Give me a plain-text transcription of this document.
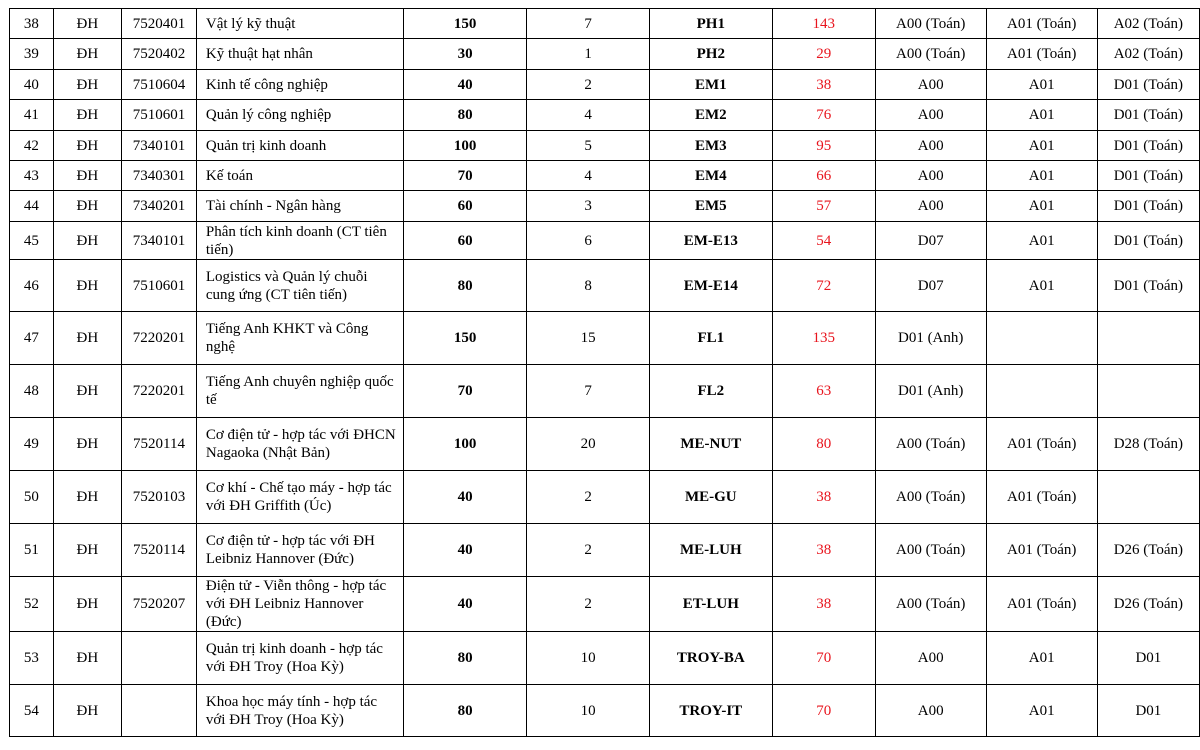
38	ĐH	7520401	Vật lý kỹ thuật	150	7	PH1	143	A00 (Toán)	A01 (Toán)	A02 (Toán)
39	ĐH	7520402	Kỹ thuật hạt nhân	30	1	PH2	29	A00 (Toán)	A01 (Toán)	A02 (Toán)
40	ĐH	7510604	Kinh tế công nghiệp	40	2	EM1	38	A00	A01	D01 (Toán)
41	ĐH	7510601	Quản lý công nghiệp	80	4	EM2	76	A00	A01	D01 (Toán)
42	ĐH	7340101	Quản trị kinh doanh	100	5	EM3	95	A00	A01	D01 (Toán)
43	ĐH	7340301	Kế toán	70	4	EM4	66	A00	A01	D01 (Toán)
44	ĐH	7340201	Tài chính - Ngân hàng	60	3	EM5	57	A00	A01	D01 (Toán)
45	ĐH	7340101	Phân tích kinh doanh (CT tiên tiến)	60	6	EM-E13	54	D07	A01	D01 (Toán)
46	ĐH	7510601	Logistics và Quản lý chuỗi cung ứng (CT tiên tiến)	80	8	EM-E14	72	D07	A01	D01 (Toán)
47	ĐH	7220201	Tiếng Anh KHKT và Công nghệ	150	15	FL1	135	D01 (Anh)		
48	ĐH	7220201	Tiếng Anh chuyên nghiệp quốc tế	70	7	FL2	63	D01 (Anh)		
49	ĐH	7520114	Cơ điện tử - hợp tác với ĐHCN Nagaoka (Nhật Bản)	100	20	ME-NUT	80	A00 (Toán)	A01 (Toán)	D28 (Toán)
50	ĐH	7520103	Cơ khí - Chế tạo máy - hợp tác với ĐH Griffith (Úc)	40	2	ME-GU	38	A00 (Toán)	A01 (Toán)	
51	ĐH	7520114	Cơ điện tử - hợp tác với ĐH Leibniz Hannover (Đức)	40	2	ME-LUH	38	A00 (Toán)	A01 (Toán)	D26 (Toán)
52	ĐH	7520207	Điện tử - Viễn thông - hợp tác với ĐH Leibniz Hannover (Đức)	40	2	ET-LUH	38	A00 (Toán)	A01 (Toán)	D26 (Toán)
53	ĐH		Quản trị kinh doanh - hợp tác với ĐH Troy (Hoa Kỳ)	80	10	TROY-BA	70	A00	A01	D01
54	ĐH		Khoa học máy tính - hợp tác với ĐH Troy (Hoa Kỳ)	80	10	TROY-IT	70	A00	A01	D01
